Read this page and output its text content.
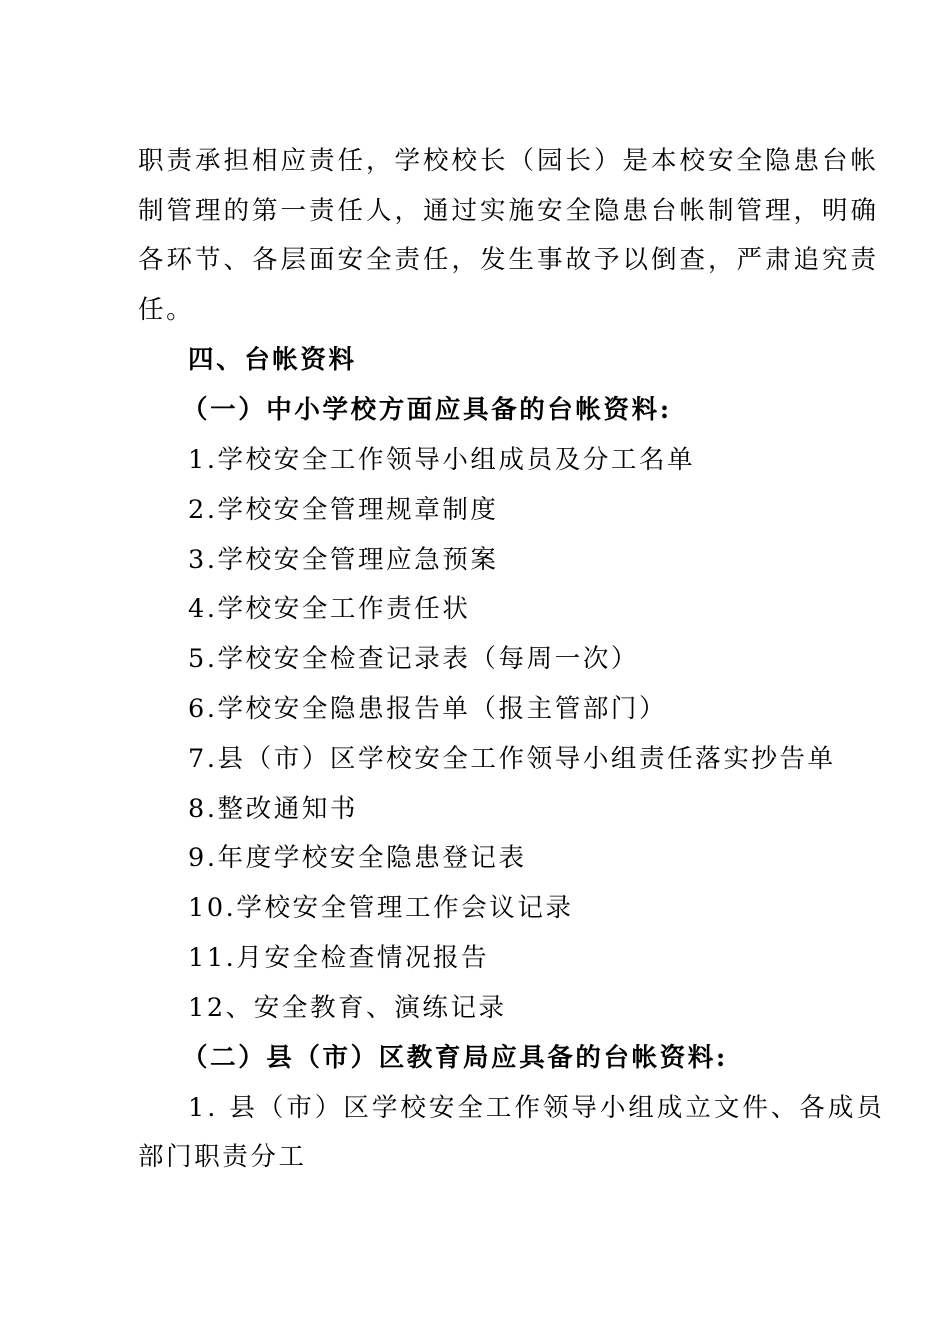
职责承担相应责任，学校校长（园长）是本校安全隐患台帐
制管理的第一责任人，通过实施安全隐患台帐制管理，明确
各环节、各层面安全责任，发生事故予以倒查，严肃追究责
任。
四、台帐资料
（一）中小学校方面应具备的台帐资料:
1.学校安全工作领导小组成员及分工名单
2.学校安全管理规章制度
3.学校安全管理应急预案
4.学校安全工作责任状
5.学校安全检查记录表（每周一次）
6.学校安全隐患报告单（报主管部门）
7.县（市）区学校安全工作领导小组责任落实抄告单
8.整改通知书
9.年度学校安全隐患登记表
10.学校安全管理工作会议记录
11.月安全检查情况报告
12、安全教育、演练记录
（二）县（市）区教育局应具备的台帐资料:
1. 县（市）区学校安全工作领导小组成立文件、各成员
部门职责分工
